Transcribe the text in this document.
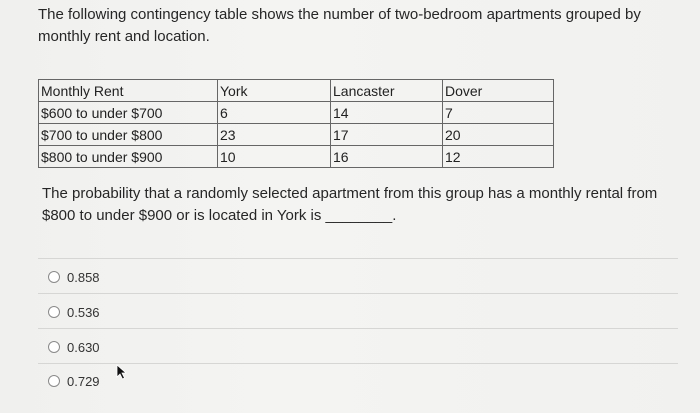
The following contingency table shows the number of two-bedroom apartments grouped by monthly rent and location.
Monthly Rent	York	Lancaster	Dover
$600 to under $700	6	14	7
$700 to under $800	23	17	20
$800 to under $900	10	16	12
The probability that a randomly selected apartment from this group has a monthly rental from $800 to under $900 or is located in York is ________.
0.858
0.536
0.630
0.729
